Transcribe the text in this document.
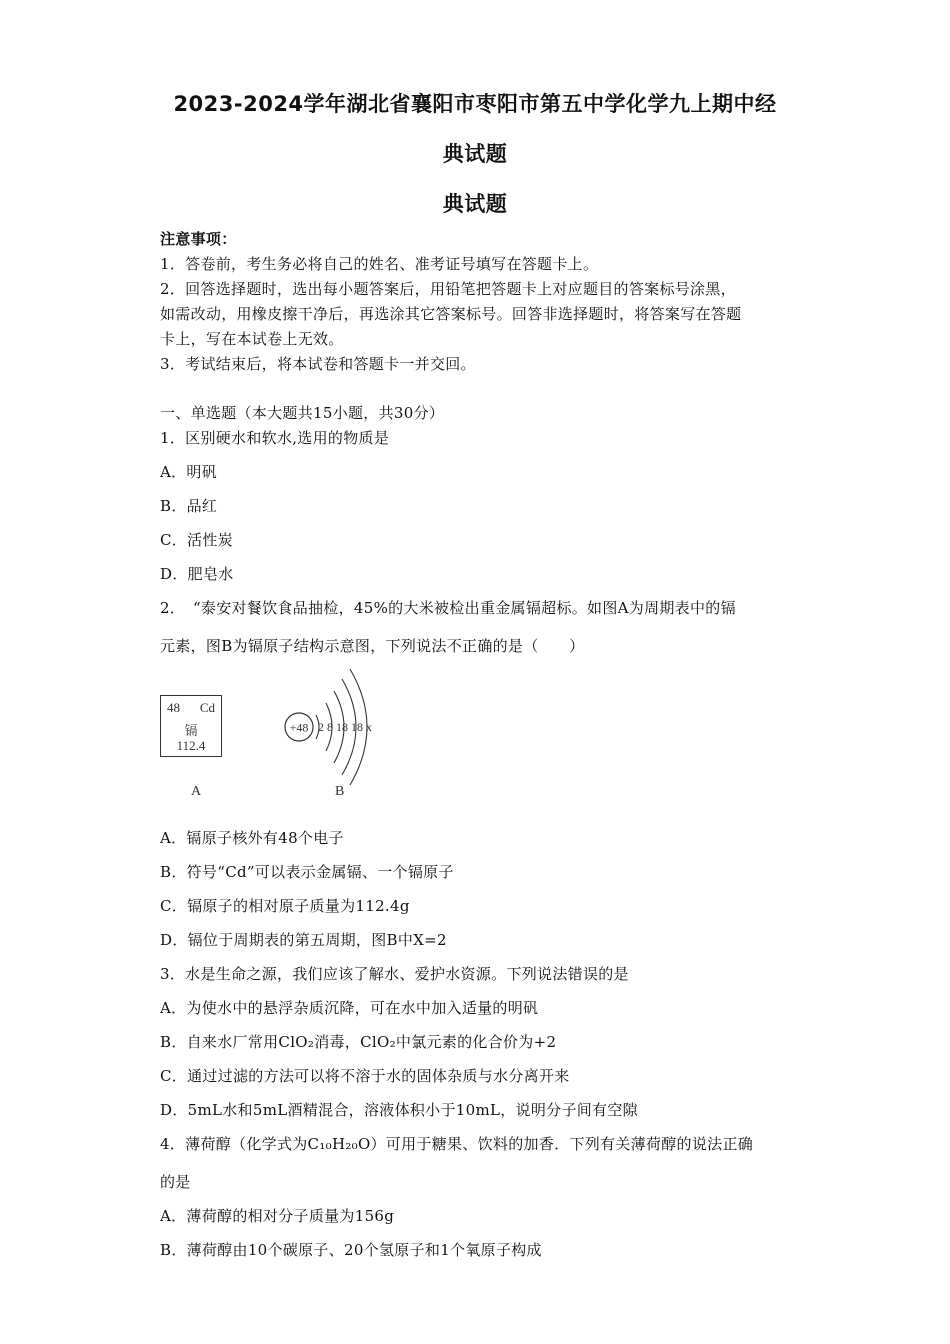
2023-2024学年湖北省襄阳市枣阳市第五中学化学九上期中经
典试题
典试题
注意事项：
1．答卷前，考生务必将自己的姓名、准考证号填写在答题卡上。
2．回答选择题时，选出每小题答案后，用铅笔把答题卡上对应题目的答案标号涂黑，
如需改动，用橡皮擦干净后，再选涂其它答案标号。回答非选择题时，将答案写在答题
卡上，写在本试卷上无效。
3．考试结束后，将本试卷和答题卡一并交回。
一、单选题（本大题共15小题，共30分）
1．区别硬水和软水,选用的物质是
A．明矾
B．品红
C．活性炭
D．肥皂水
2．　“泰安对餐饮食品抽检，45%的大米被检出重金属镉超标。如图A为周期表中的镉
元素，图B为镉原子结构示意图，下列说法不正确的是（　　）
48 Cd
镉
112.4
+48 2 8 18 18 x
A	B
A．镉原子核外有48个电子
B．符号“Cd”可以表示金属镉、一个镉原子
C．镉原子的相对原子质量为112.4g
D．镉位于周期表的第五周期，图B中X=2
3．水是生命之源，我们应该了解水、爱护水资源。下列说法错误的是
A．为使水中的悬浮杂质沉降，可在水中加入适量的明矾
B．自来水厂常用ClO₂消毒，ClO₂中氯元素的化合价为+2
C．通过过滤的方法可以将不溶于水的固体杂质与水分离开来
D．5mL水和5mL酒精混合，溶液体积小于10mL，说明分子间有空隙
4．薄荷醇（化学式为C₁₀H₂₀O）可用于糖果、饮料的加香．下列有关薄荷醇的说法正确
的是
A．薄荷醇的相对分子质量为156g
B．薄荷醇由10个碳原子、20个氢原子和1个氧原子构成
